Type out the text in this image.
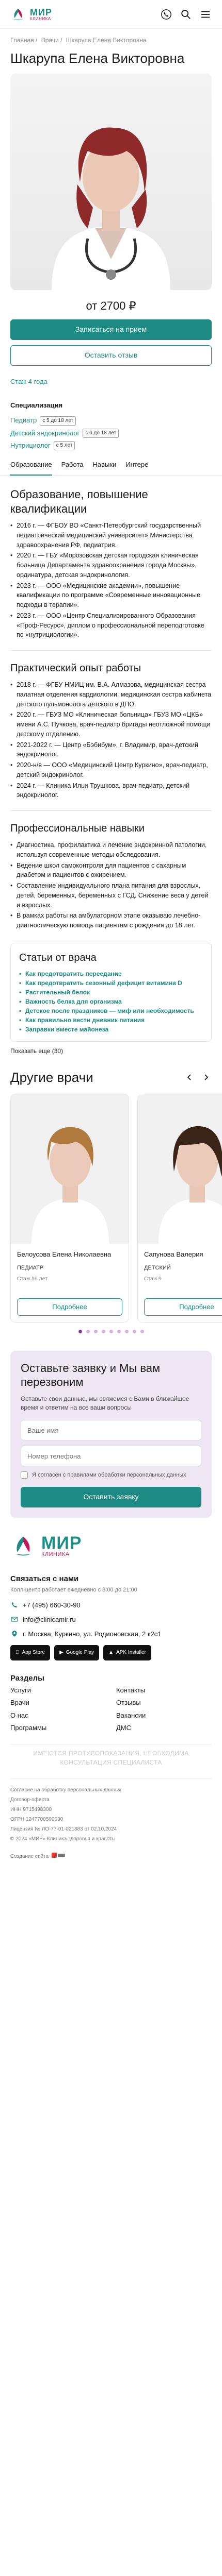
МИР
КЛИНИКА
Главная / Врачи / Шкарупа Елена Викторовна
Шкарупа Елена Викторовна
от 2700 ₽
Записаться на прием
Оставить отзыв
Стаж 4 года
Специализация
Педиатр	с 5 до 18 лет
Детский эндокринолог	с 0 до 18 лет
Нутрициолог	с 5 лет
Образование Работа Навыки Интере
Образование, повышение квалификации
• 2016 г. — ФГБОУ ВО «Санкт-Петербургский государственный педиатрический медицинский университет» Министерства здравоохранения РФ, педиатрия.
• 2020 г. — ГБУ «Морозовская детская городская клиническая больница Департамента здравоохранения города Москвы», ординатура, детская эндокринология.
• 2023 г. — ООО «Медицинские академии», повышение квалификации по программе «Современные инновационные подходы в терапии».
• 2023 г. — ООО «Центр Специализированного Образования «Проф-Ресурс», диплом о профессиональной переподготовке по «нутрициологии».
Практический опыт работы
• 2018 г. — ФГБУ НМИЦ им. В.А. Алмазова, медицинская сестра палатная отделения кардиологии, медицинская сестра кабинета детского пульмонолога детского в ДПО.
• 2020 г. — ГБУЗ МО «Клиническая больница» ГБУЗ МО «ЦКБ» имени А.С. Пучкова, врач-педиатр бригады неотложной помощи детскому отделению.
• 2021-2022 г. — Центр «Бэбибум», г. Владимир, врач-детский эндокринолог.
• 2020-н/в — ООО «Медицинский Центр Куркино», врач-педиатр, детский эндокринолог.
• 2024 г. — Клиника Ильи Трушкова, врач-педиатр, детский эндокринолог.
Профессиональные навыки
• Диагностика, профилактика и лечение эндокринной патологии, используя современные методы обследования.
• Ведение школ самоконтроля для пациентов с сахарным диабетом и пациентов с ожирением.
• Составление индивидуального плана питания для взрослых, детей, беременных, беременных с ГСД. Снижение веса у детей и взрослых.
• В рамках работы на амбулаторном этапе оказываю лечебно-диагностическую помощь пациентам с рождения до 18 лет.
Статьи от врача
• Как предотвратить переедание
• Как предотвратить сезонный дефицит витамина D
• Растительный белок
• Важность белка для организма
• Детское после праздников — миф или необходимость
• Как правильно вести дневник питания
• Заправки вместе майонеза
Показать еще (30)
Другие врачи
Белоусова Елена Николаевна
ПЕДИАТР
Стаж 16 лет
Подробнее
Сапунова Валерия
ДЕТСКИЙ
Стаж 9
Подробнее
Оставьте заявку и Мы вам перезвоним
Оставьте свои данные, мы свяжемся с Вами в ближайшее время и ответим на все ваши вопросы
Ваше имя
Номер телефона
Я согласен с правилами обработки персональных данных
Оставить заявку
МИР
КЛИНИКА
Связаться с нами
Колл-центр работает ежедневно с 8:00 до 21:00
+7 (495) 660-30-90
info@clinicamir.ru
г. Москва, Куркино, ул. Родионовская, 2 к2с1
App Store	▶ Google Play	▲ APK Installer
Разделы
Услуги	Контакты
Врачи	Отзывы
О нас	Вакансии
Программы	ДМС
ИМЕЮТСЯ ПРОТИВОПОКАЗАНИЯ, НЕОБХОДИМА КОНСУЛЬТАЦИЯ СПЕЦИАЛИСТА
Согласие на обработку персональных данных
Договор-оферта
ИНН 9715498300
ОГРН 1247700590030
Лицензия № ЛО-77-01-021883 от 02.10.2024
© 2024 «МИР» Клиника здоровья и красоты
Создание сайта
